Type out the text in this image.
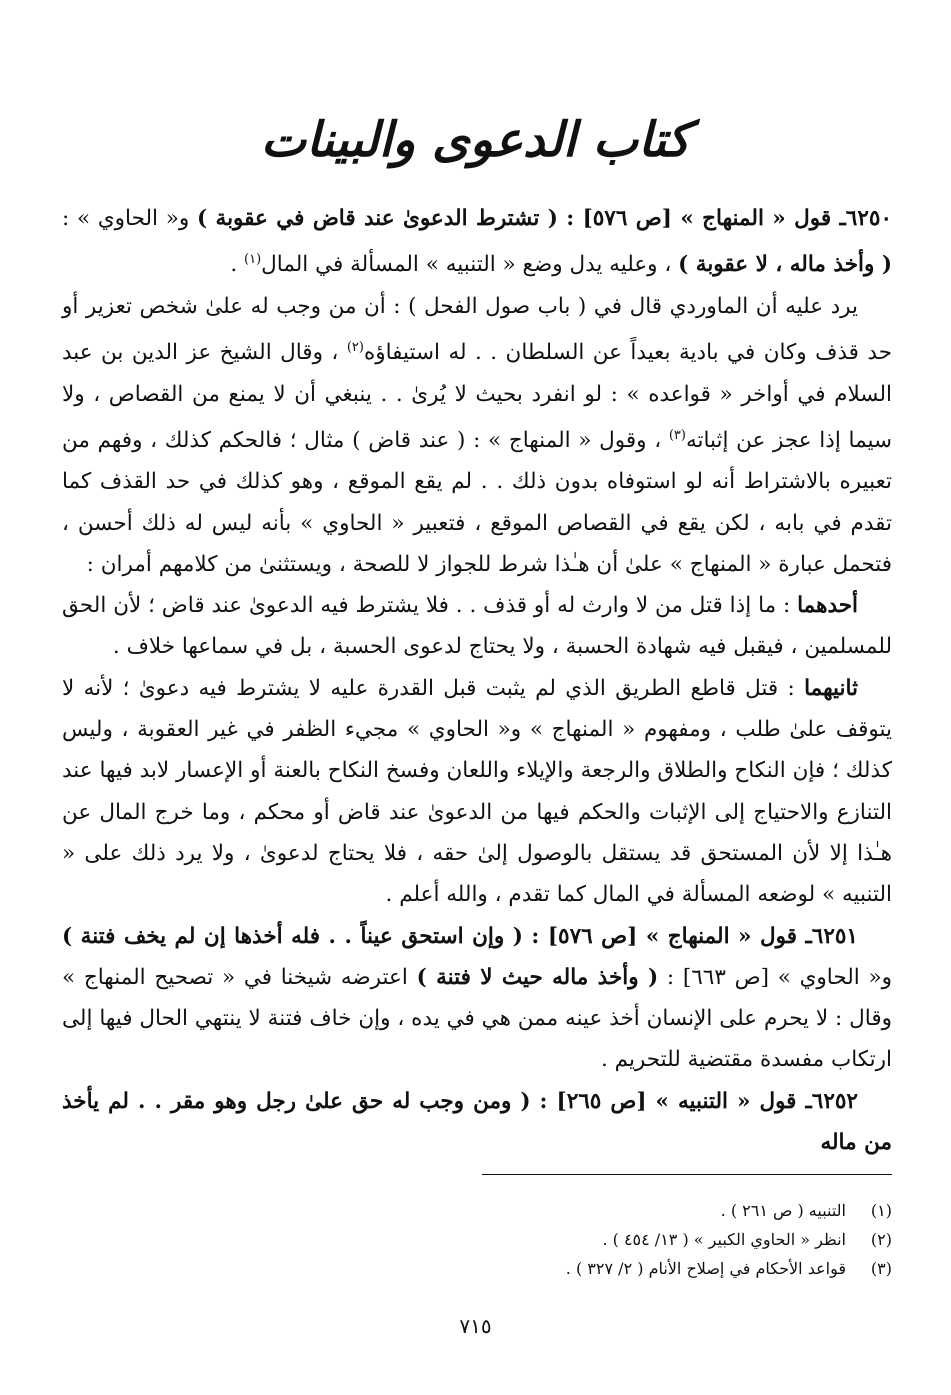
كتاب الدعوى والبينات

٦٢٥٠ـ قول « المنهاج » [ص ٥٧٦] : ( تشترط الدعوىٰ عند قاض في عقوبة ) و« الحاوي » : ( وأخذ ماله ، لا عقوبة ) ، وعليه يدل وضع « التنبيه » المسألة في المال$^{(١)}$ .

يرد عليه أن الماوردي قال في ( باب صول الفحل ) : أن من وجب له علىٰ شخص تعزير أو حد قذف وكان في بادية بعيداً عن السلطان . . له استيفاؤه$^{(٢)}$ ، وقال الشيخ عز الدين بن عبد السلام في أواخر « قواعده » : لو انفرد بحيث لا يُرىٰ . . ينبغي أن لا يمنع من القصاص ، ولا سيما إذا عجز عن إثباته$^{(٣)}$ ، وقول « المنهاج » : ( عند قاض ) مثال ؛ فالحكم كذلك ، وفهم من تعبيره بالاشتراط أنه لو استوفاه بدون ذلك . . لم يقع الموقع ، وهو كذلك في حد القذف كما تقدم في بابه ، لكن يقع في القصاص الموقع ، فتعبير « الحاوي » بأنه ليس له ذلك أحسن ، فتحمل عبارة « المنهاج » علىٰ أن هـٰذا شرط للجواز لا للصحة ، ويستثنىٰ من كلامهم أمران :

أحدهما : ما إذا قتل من لا وارث له أو قذف . . فلا يشترط فيه الدعوىٰ عند قاض ؛ لأن الحق للمسلمين ، فيقبل فيه شهادة الحسبة ، ولا يحتاج لدعوى الحسبة ، بل في سماعها خلاف .

ثانيهما : قتل قاطع الطريق الذي لم يثبت قبل القدرة عليه لا يشترط فيه دعوىٰ ؛ لأنه لا يتوقف علىٰ طلب ، ومفهوم « المنهاج » و« الحاوي » مجيء الظفر في غير العقوبة ، وليس كذلك ؛ فإن النكاح والطلاق والرجعة والإيلاء واللعان وفسخ النكاح بالعنة أو الإعسار لابد فيها عند التنازع والاحتياج إلى الإثبات والحكم فيها من الدعوىٰ عند قاض أو محكم ، وما خرج المال عن هـٰذا إلا لأن المستحق قد يستقل بالوصول إلىٰ حقه ، فلا يحتاج لدعوىٰ ، ولا يرد ذلك على « التنبيه » لوضعه المسألة في المال كما تقدم ، والله أعلم .

٦٢٥١ـ قول « المنهاج » [ص ٥٧٦] : ( وإن استحق عيناً . . فله أخذها إن لم يخف فتنة ) و« الحاوي » [ص ٦٦٣] : ( وأخذ ماله حيث لا فتنة ) اعترضه شيخنا في « تصحيح المنهاج » وقال : لا يحرم على الإنسان أخذ عينه ممن هي في يده ، وإن خاف فتنة لا ينتهي الحال فيها إلى ارتكاب مفسدة مقتضية للتحريم .

٦٢٥٢ـ قول « التنبيه » [ص ٢٦٥] : ( ومن وجب له حق علىٰ رجل وهو مقر . . لم يأخذ من ماله

(١)
التنبيه ( ص ٢٦١ ) .
(٢)
انظر « الحاوي الكبير » ( ١٣/ ٤٥٤ ) .
(٣)
قواعد الأحكام في إصلاح الأنام ( ٢/ ٣٢٧ ) .
٧١٥
